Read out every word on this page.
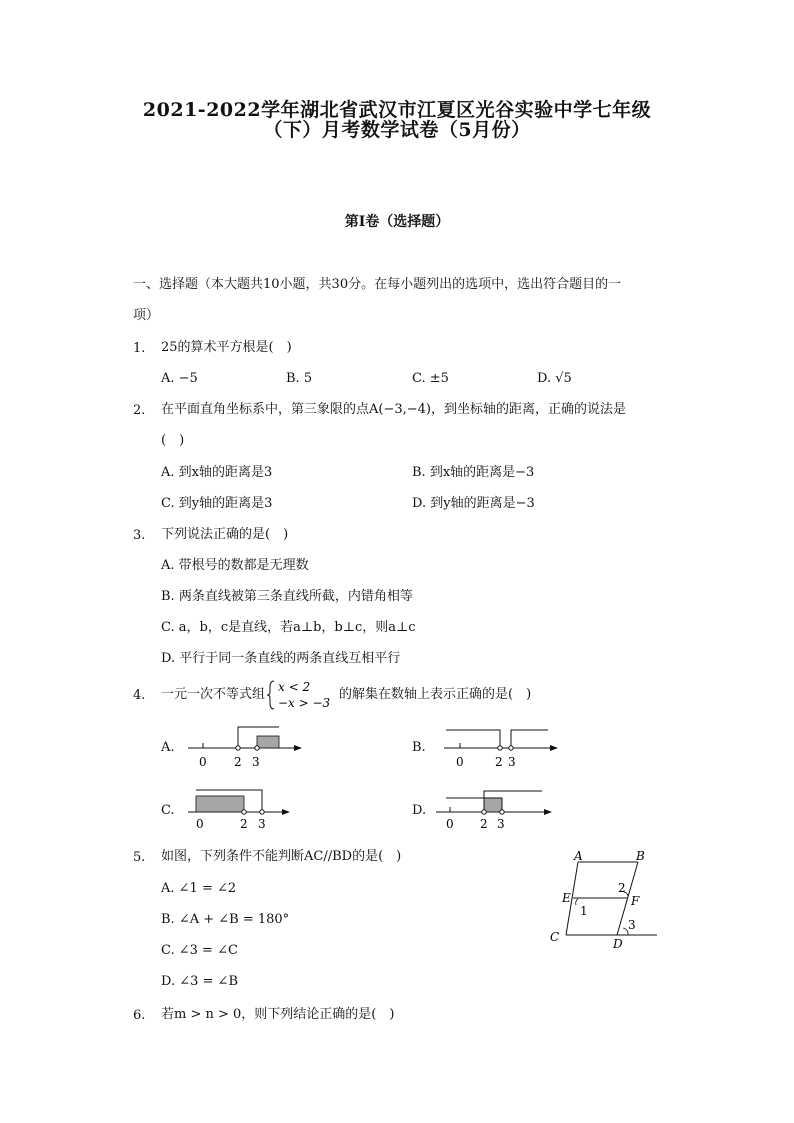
2021-2022学年湖北省武汉市江夏区光谷实验中学七年级
（下）月考数学试卷（5月份）
第I卷（选择题）
一、选择题（本大题共10小题，共30分。在每小题列出的选项中，选出符合题目的一
项）
1. 25的算术平方根是(　)
A. −5	B. 5	C. ±5	D. √5
2. 在平面直角坐标系中，第三象限的点A(−3,−4)，到坐标轴的距离，正确的说法是
(　)
A. 到x轴的距离是3	B. 到x轴的距离是−3
C. 到y轴的距离是3	D. 到y轴的距离是−3
3. 下列说法正确的是(　)
A. 带根号的数都是无理数
B. 两条直线被第三条直线所截，内错角相等
C. a，b，c是直线，若a⊥b，b⊥c，则a⊥c
D. 平行于同一条直线的两条直线互相平行
4. 一元一次不等式组 x < 2
−x > −3
的解集在数轴上表示正确的是(　)
A.
0 2 3
B.
0	2 3
C.
0	2 3
D.
0 2 3
5. 如图，下列条件不能判断AC//BD的是(　)
A. ∠1 = ∠2
B. ∠A + ∠B = 180°
C. ∠3 = ∠C
D. ∠3 = ∠B
A	B
E	F
C	D
1
2
3
6. 若m > n > 0，则下列结论正确的是(　)
